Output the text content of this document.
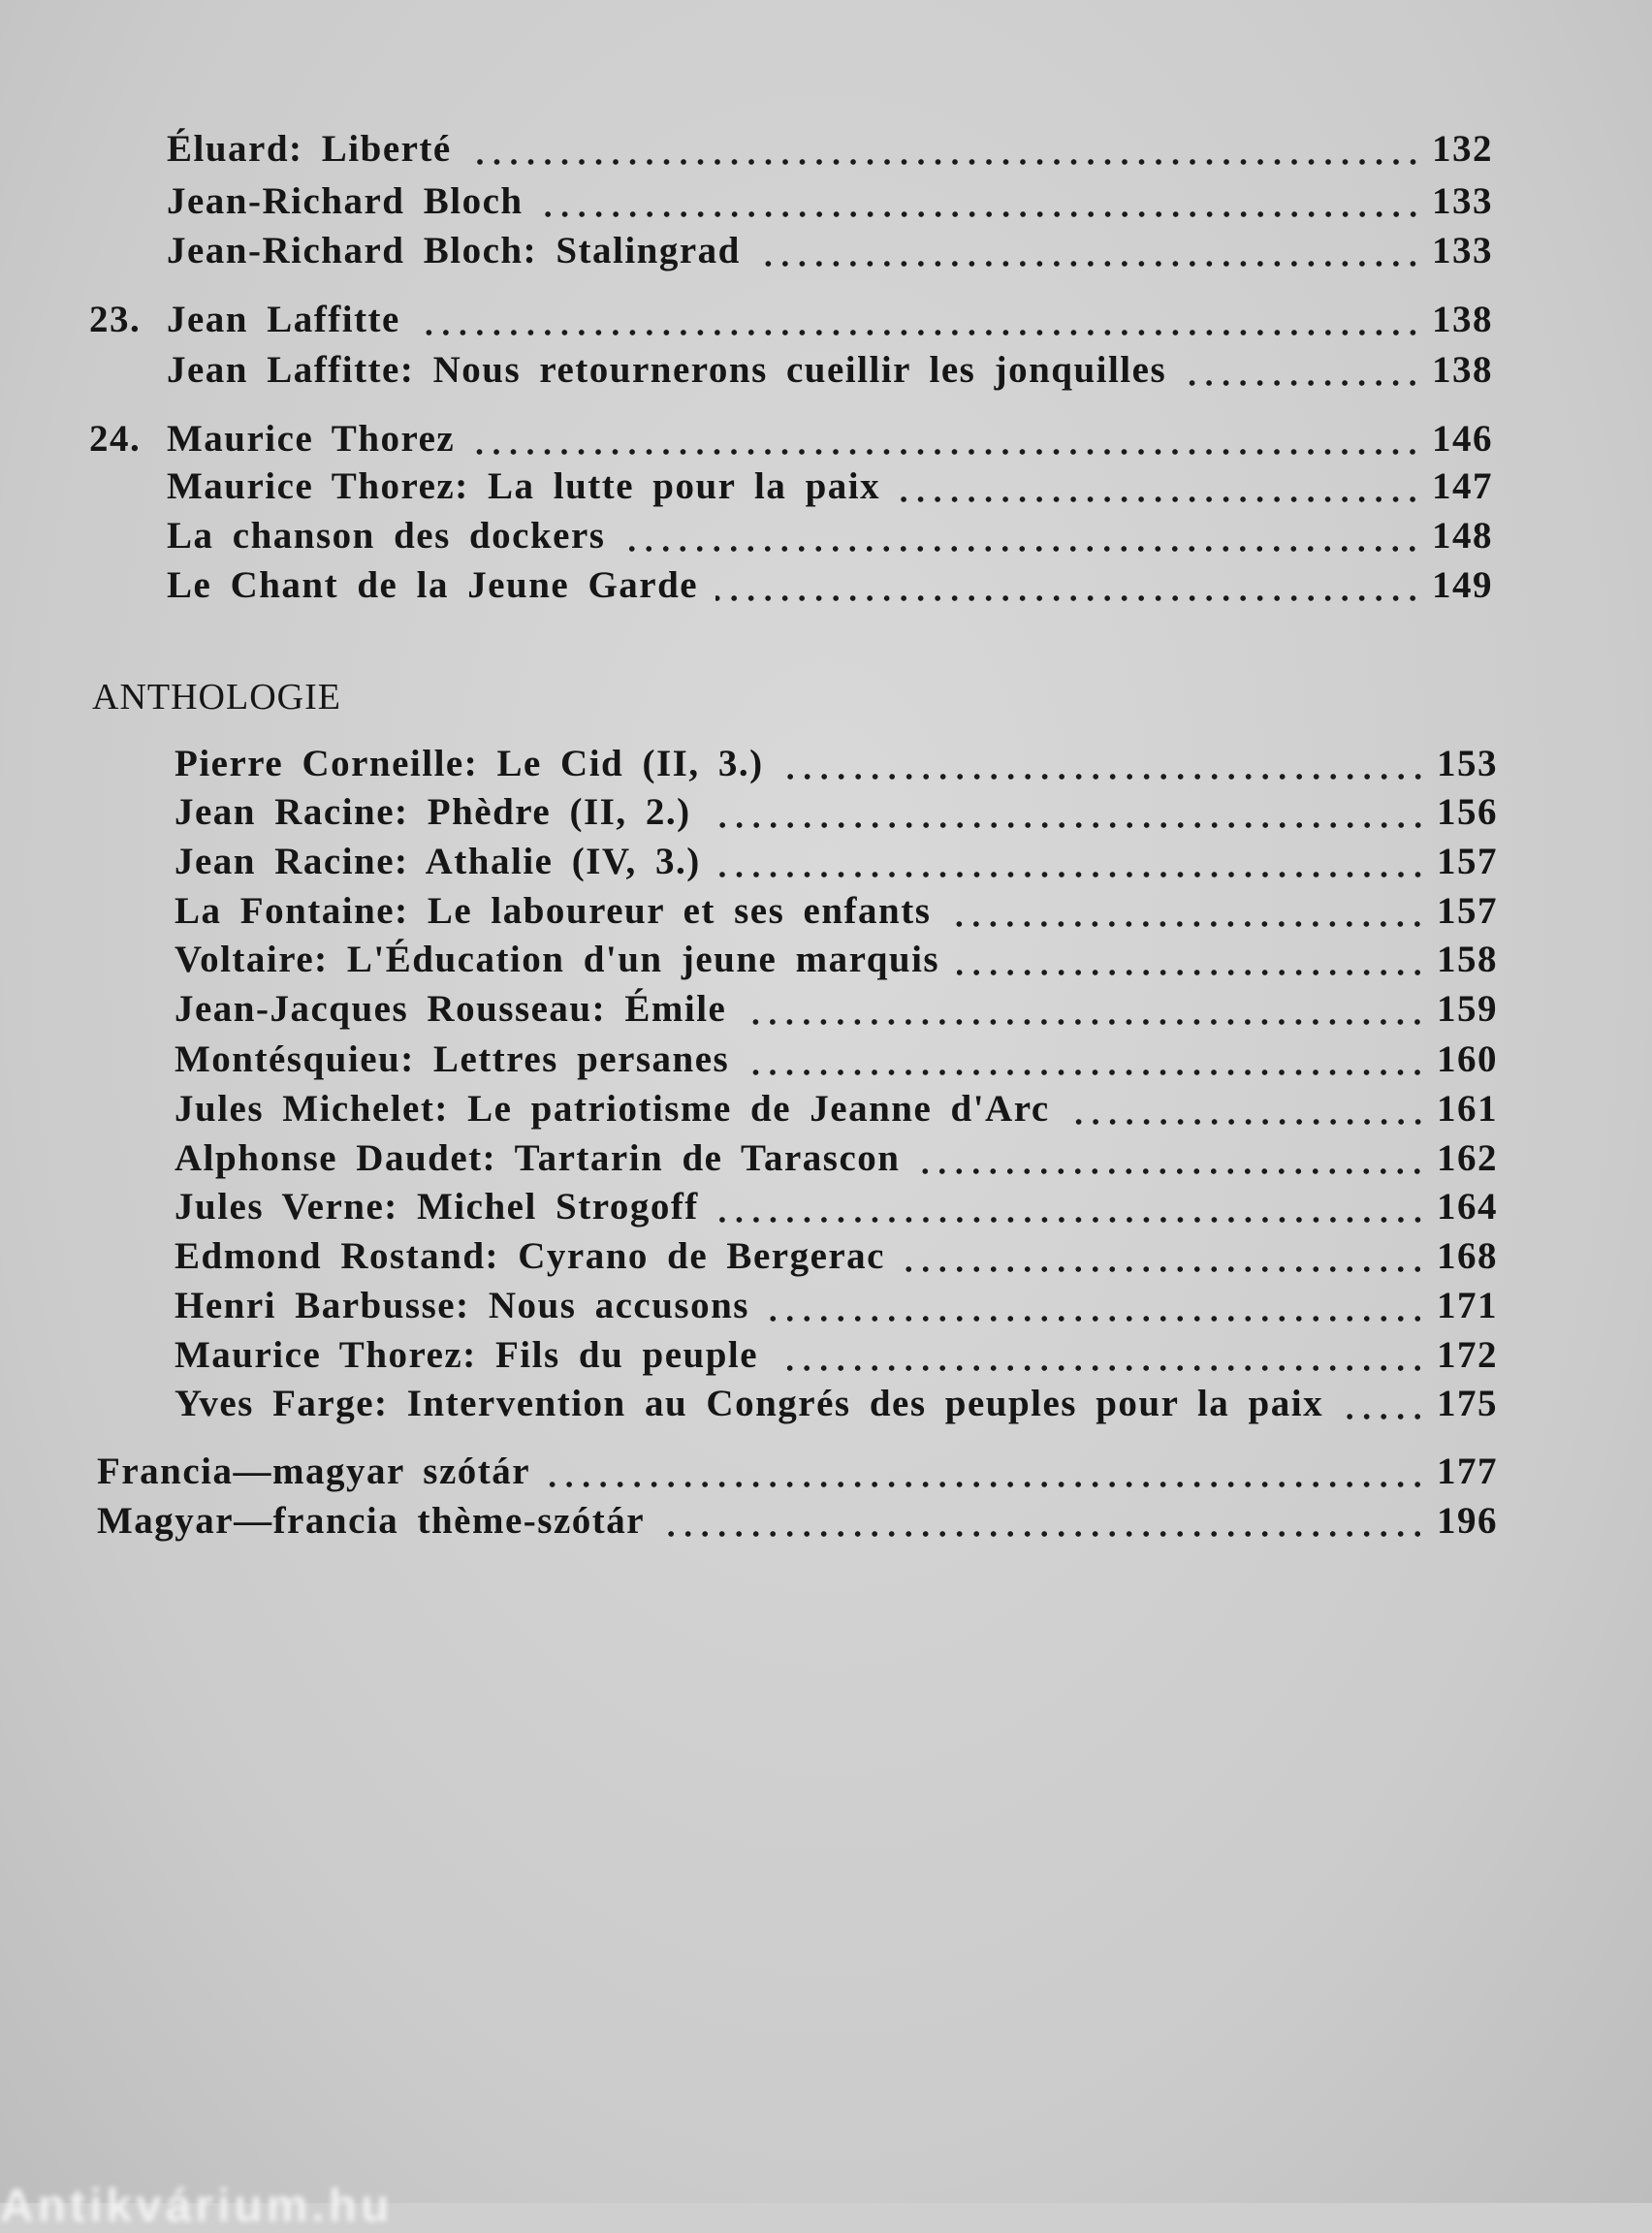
Éluard: Liberté	132
Jean-Richard Bloch	133
Jean-Richard Bloch: Stalingrad	133
23. Jean Laffitte	138
Jean Laffitte: Nous retournerons cueillir les jonquilles	138
24. Maurice Thorez	146
Maurice Thorez: La lutte pour la paix	147
La chanson des dockers	148
Le Chant de la Jeune Garde	149
ANTHOLOGIE
Pierre Corneille: Le Cid (II, 3.)	153
Jean Racine: Phèdre (II, 2.)	156
Jean Racine: Athalie (IV, 3.)	157
La Fontaine: Le laboureur et ses enfants	157
Voltaire: L'Éducation d'un jeune marquis	158
Jean-Jacques Rousseau: Émile	159
Montésquieu: Lettres persanes	160
Jules Michelet: Le patriotisme de Jeanne d'Arc	161
Alphonse Daudet: Tartarin de Tarascon	162
Jules Verne: Michel Strogoff	164
Edmond Rostand: Cyrano de Bergerac	168
Henri Barbusse: Nous accusons	171
Maurice Thorez: Fils du peuple	172
Yves Farge: Intervention au Congrés des peuples pour la paix	175
Francia—magyar szótár	177
Magyar—francia thème-szótár	196
Antikvárium.hu
